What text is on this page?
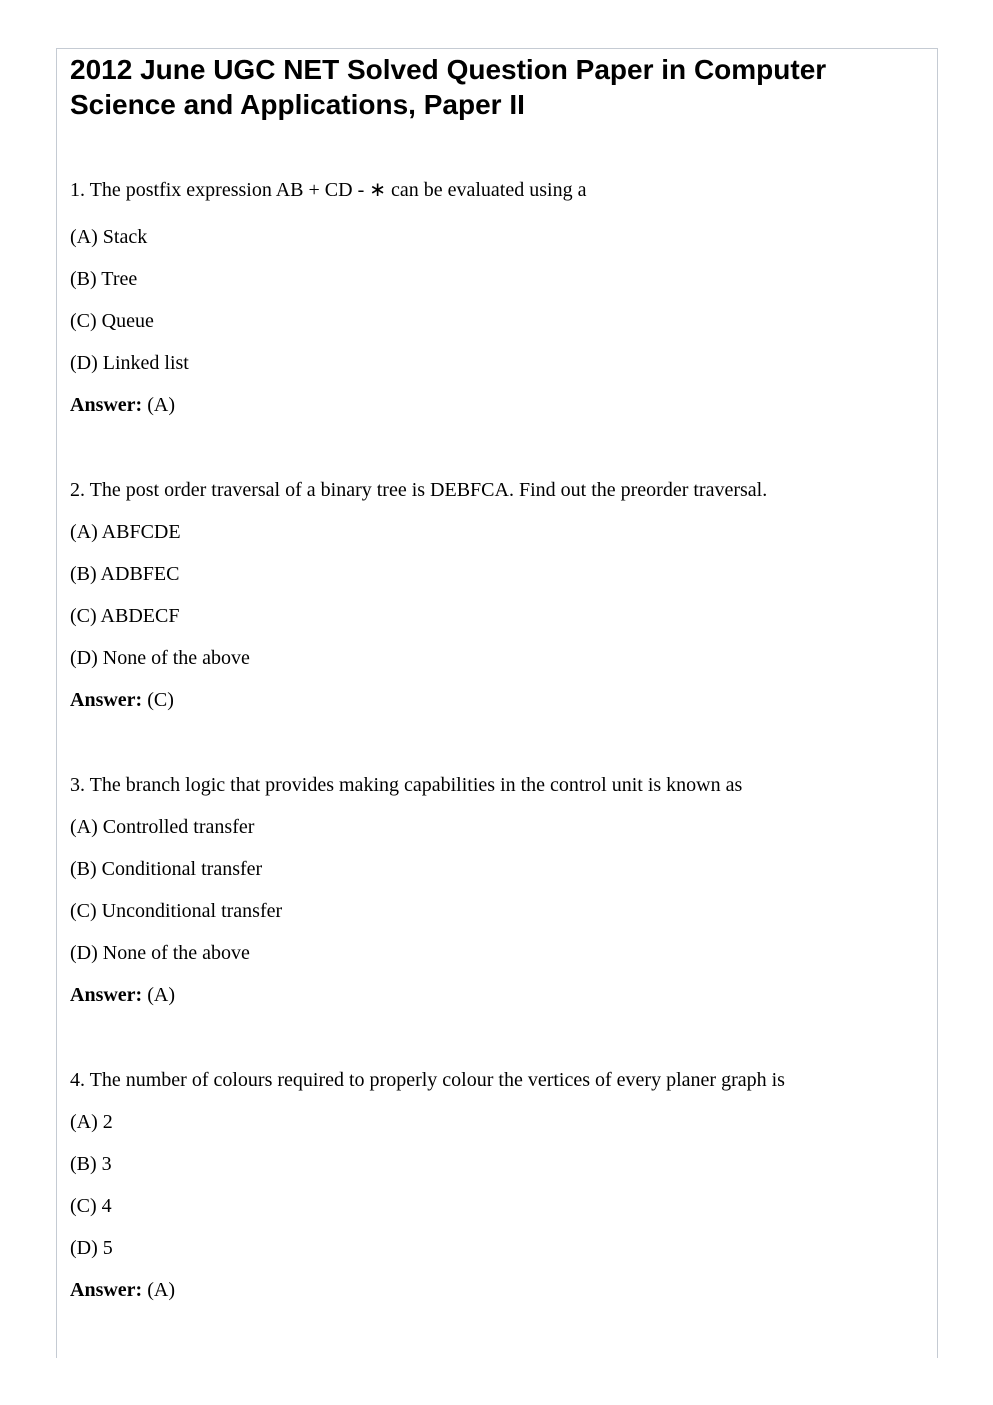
2012 June UGC NET Solved Question Paper in Computer Science and Applications, Paper II
1. The postfix expression AB + CD - ∗ can be evaluated using a
(A) Stack
(B) Tree
(C) Queue
(D) Linked list
Answer: (A)
2. The post order traversal of a binary tree is DEBFCA. Find out the preorder traversal.
(A) ABFCDE
(B) ADBFEC
(C) ABDECF
(D) None of the above
Answer: (C)
3. The branch logic that provides making capabilities in the control unit is known as
(A) Controlled transfer
(B) Conditional transfer
(C) Unconditional transfer
(D) None of the above
Answer: (A)
4. The number of colours required to properly colour the vertices of every planer graph is
(A) 2
(B) 3
(C) 4
(D) 5
Answer: (A)
